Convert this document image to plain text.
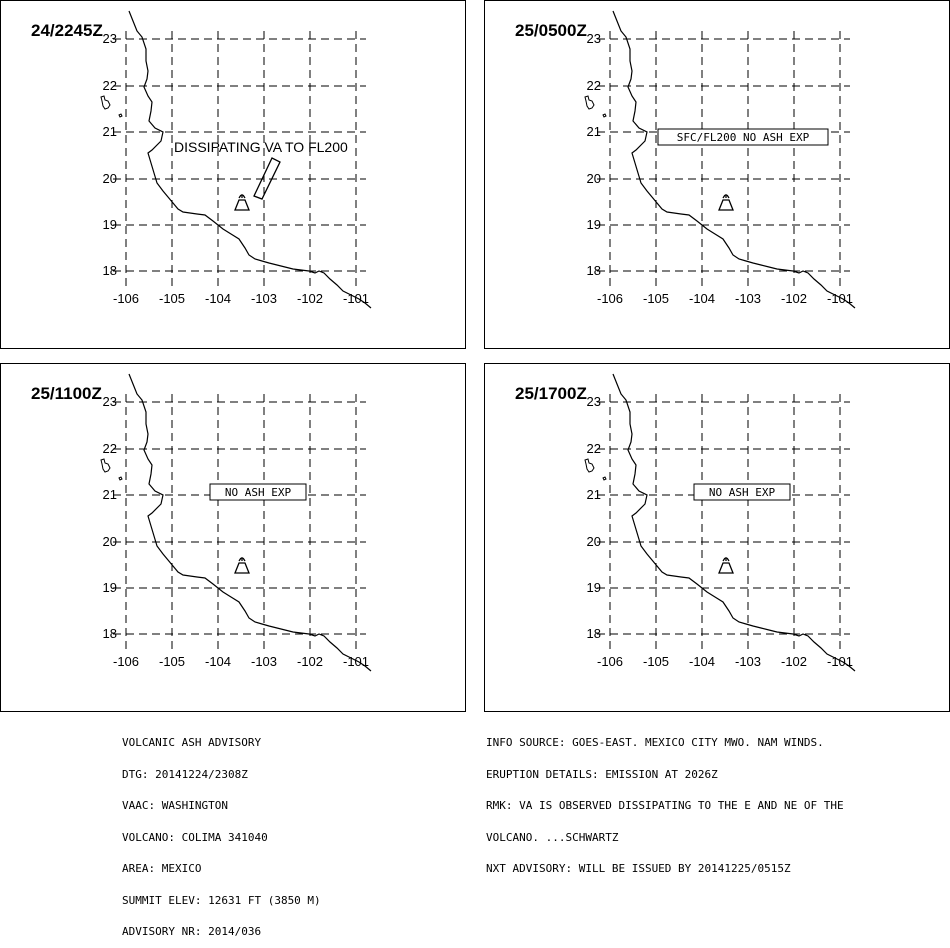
23
22
21
20
19
18
-106 -105 -104 -103 -102 -101
24/2245Z
DISSIPATING VA TO FL200
23
22
21
20
19
18
-106 -105 -104 -103 -102 -101
25/0500Z
SFC/FL200 NO ASH EXP
23
22
21
20
19
18
-106 -105 -104 -103 -102 -101
25/1100Z
NO ASH EXP
23
22
21
20
19
18
-106 -105 -104 -103 -102 -101
25/1700Z
NO ASH EXP

VOLCANIC ASH ADVISORY

DTG: 20141224/2308Z

VAAC: WASHINGTON

VOLCANO: COLIMA 341040

AREA: MEXICO

SUMMIT ELEV: 12631 FT (3850 M)

ADVISORY NR: 2014/036

INFO SOURCE: GOES-EAST. MEXICO CITY MWO. NAM WINDS.

ERUPTION DETAILS: EMISSION AT 2026Z

RMK: VA IS OBSERVED DISSIPATING TO THE E AND NE OF THE

VOLCANO. ...SCHWARTZ

NXT ADVISORY: WILL BE ISSUED BY 20141225/0515Z
